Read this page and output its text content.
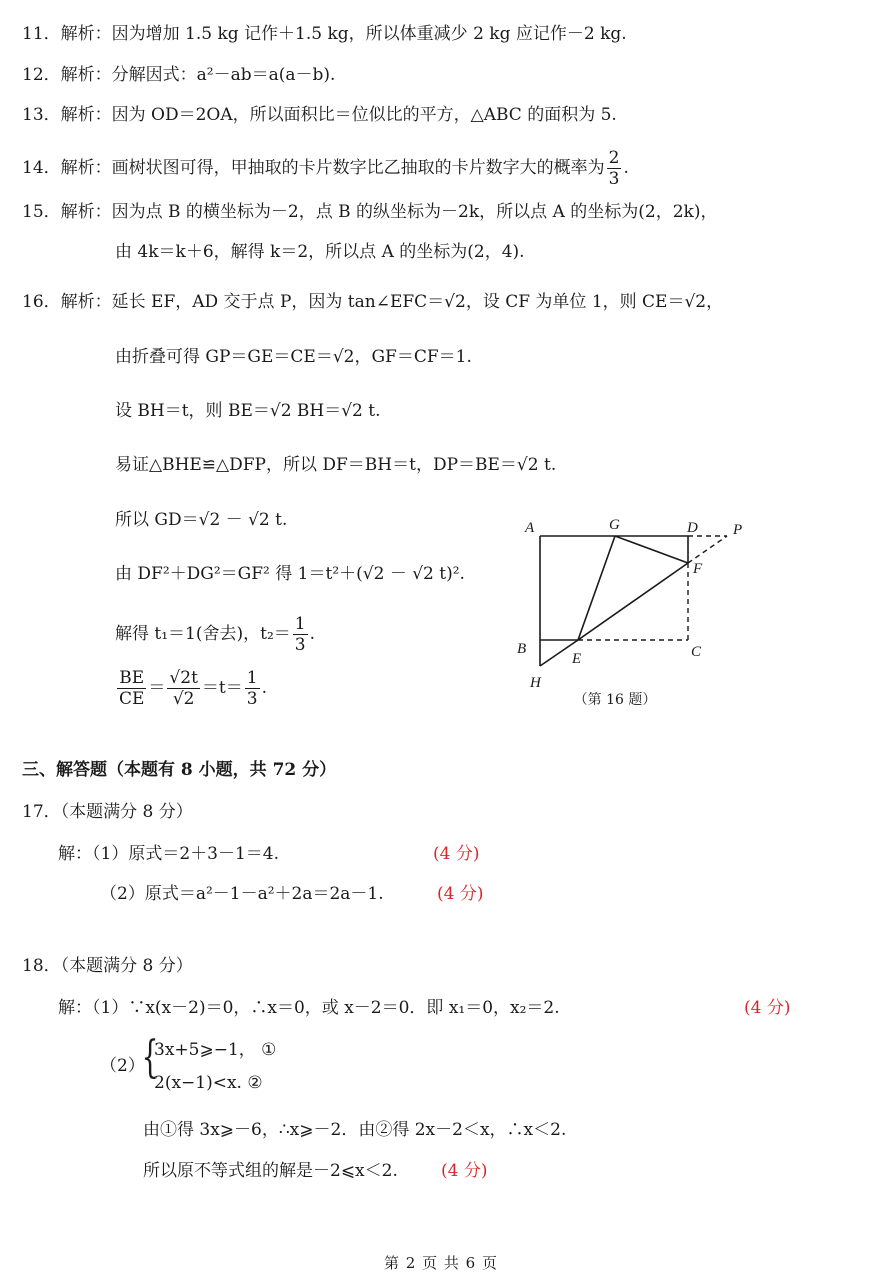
11．解析：因为增加 1.5 kg 记作＋1.5 kg，所以体重减少 2 kg 应记作－2 kg.
12．解析：分解因式：a²－ab＝a(a－b).
13．解析：因为 OD＝2OA，所以面积比＝位似比的平方，△ABC 的面积为 5.
14．解析：画树状图可得，甲抽取的卡片数字比乙抽取的卡片数字大的概率为 $\frac{2}{3}$ .
15．解析：因为点 B 的横坐标为－2，点 B 的纵坐标为－2k，所以点 A 的坐标为(2，2k)，
由 4k＝k＋6，解得 k＝2，所以点 A 的坐标为(2，4).
16．解析：延长 EF，AD 交于点 P，因为 tan∠EFC＝√2，设 CF 为单位 1，则 CE＝√2，
由折叠可得 GP＝GE＝CE＝√2，GF＝CF＝1.
设 BH＝t，则 BE＝√2 BH＝√2 t.
易证△BHE≌△DFP，所以 DF＝BH＝t，DP＝BE＝√2 t.
所以 GD＝√2 － √2 t.
由 DF²＋DG²＝GF² 得 1＝t²＋(√2 － √2 t)².
解得 t₁＝1(舍去)，$t_2= \frac{1}{3}$ .
$\frac{BE}{CE} = \frac{√2t}{√2} =t= \frac{1}{3}$ .
A	G	D P
F
B
E	C
H
（第 16 题）
三、解答题（本题有 8 小题，共 72 分）
17．（本题满分 8 分）
解：（1）原式＝2＋3－1＝4.	(4 分)
（2）原式＝a²－1－a²＋2a＝2a－1.	(4 分)
18．（本题满分 8 分）
解：（1）∵x(x－2)＝0，∴x＝0，或 x－2＝0．即 x₁＝0，x₂＝2.	(4 分)
（2）
{
3x+5⩾−1， ①
2(x−1)<x. ②
由①得 3x⩾－6，∴x⩾－2．由②得 2x－2＜x，∴x＜2.
所以原不等式组的解是－2⩽x＜2.	(4 分)
第 2 页 共 6 页
